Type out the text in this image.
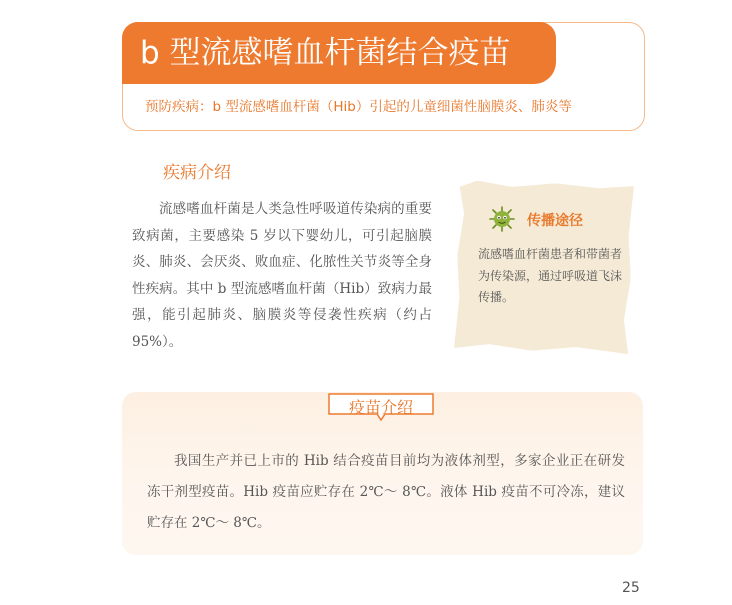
b 型流感嗜血杆菌结合疫苗
预防疾病：b 型流感嗜血杆菌（Hib）引起的儿童细菌性脑膜炎、肺炎等
疾病介绍
流感嗜血杆菌是人类急性呼吸道传染病的重要致病菌，主要感染 5 岁以下婴幼儿，可引起脑膜炎、肺炎、会厌炎、败血症、化脓性关节炎等全身性疾病。其中 b 型流感嗜血杆菌（Hib）致病力最强，能引起肺炎、脑膜炎等侵袭性疾病（约占 95%）。
传播途径
流感嗜血杆菌患者和带菌者为传染源，通过呼吸道飞沫传播。
疫苗介绍
我国生产并已上市的 Hib 结合疫苗目前均为液体剂型，多家企业正在研发冻干剂型疫苗。Hib 疫苗应贮存在 2℃～ 8℃。液体 Hib 疫苗不可冷冻，建议贮存在 2℃～ 8℃。
25
